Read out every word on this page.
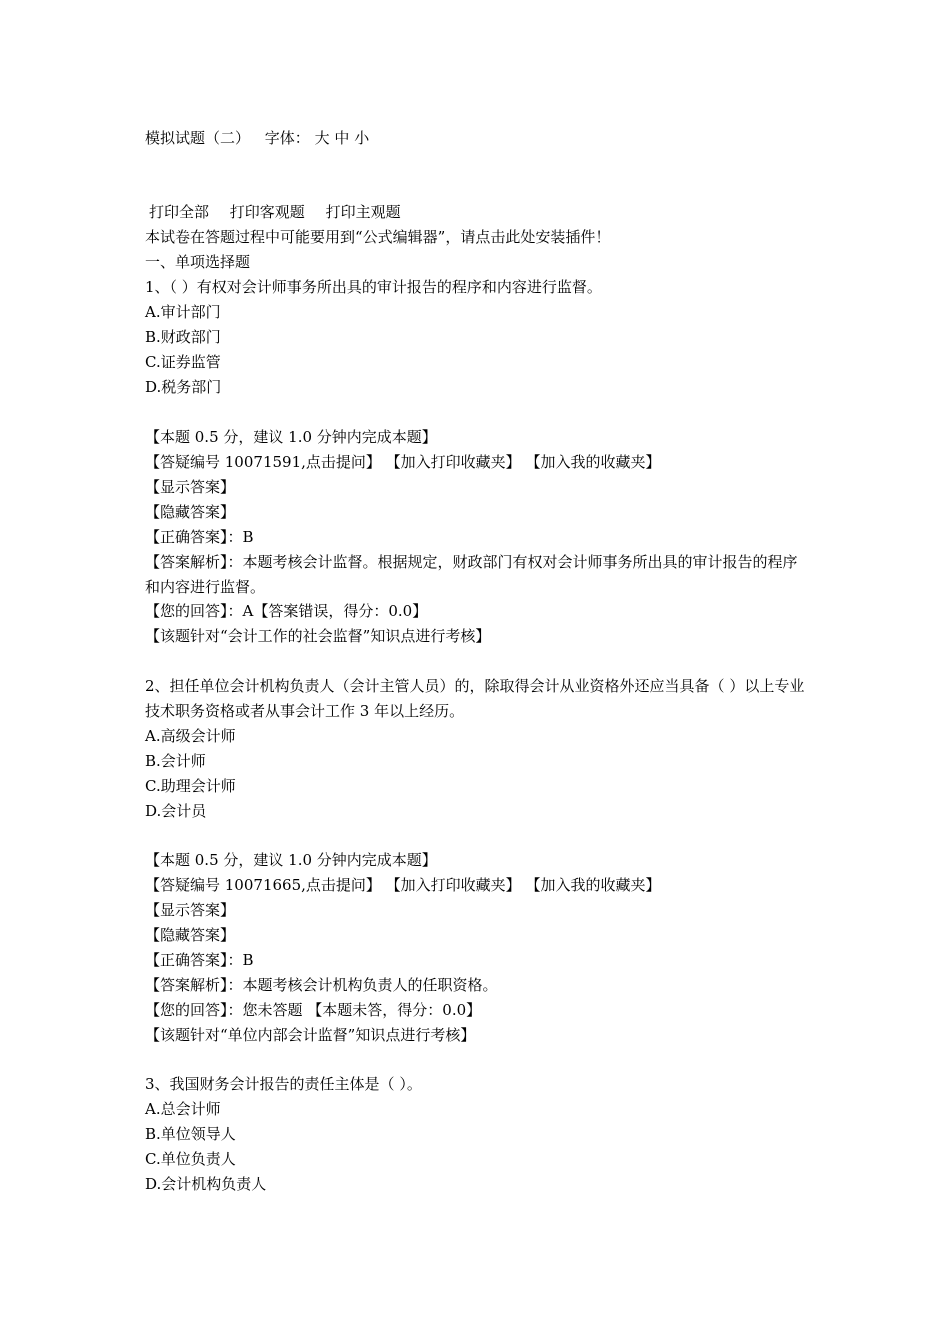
模拟试题（二） 字体： 大 中 小
打印全部 打印客观题 打印主观题
本试卷在答题过程中可能要用到“公式编辑器”，请点击此处安装插件！
一、单项选择题
1、（ ）有权对会计师事务所出具的审计报告的程序和内容进行监督。
A.审计部门
B.财政部门
C.证券监管
D.税务部门
【本题 0.5 分，建议 1.0 分钟内完成本题】
【答疑编号 10071591,点击提问】 【加入打印收藏夹】 【加入我的收藏夹】
【显示答案】
【隐藏答案】
【正确答案】：B
【答案解析】：本题考核会计监督。根据规定，财政部门有权对会计师事务所出具的审计报告的程序和内容进行监督。
【您的回答】：A【答案错误，得分：0.0】
【该题针对“会计工作的社会监督”知识点进行考核】
2、担任单位会计机构负责人（会计主管人员）的，除取得会计从业资格外还应当具备（ ）以上专业技术职务资格或者从事会计工作 3 年以上经历。
A.高级会计师
B.会计师
C.助理会计师
D.会计员
【本题 0.5 分，建议 1.0 分钟内完成本题】
【答疑编号 10071665,点击提问】 【加入打印收藏夹】 【加入我的收藏夹】
【显示答案】
【隐藏答案】
【正确答案】：B
【答案解析】：本题考核会计机构负责人的任职资格。
【您的回答】：您未答题 【本题未答，得分：0.0】
【该题针对“单位内部会计监督”知识点进行考核】
3、我国财务会计报告的责任主体是（ ）。
A.总会计师
B.单位领导人
C.单位负责人
D.会计机构负责人
